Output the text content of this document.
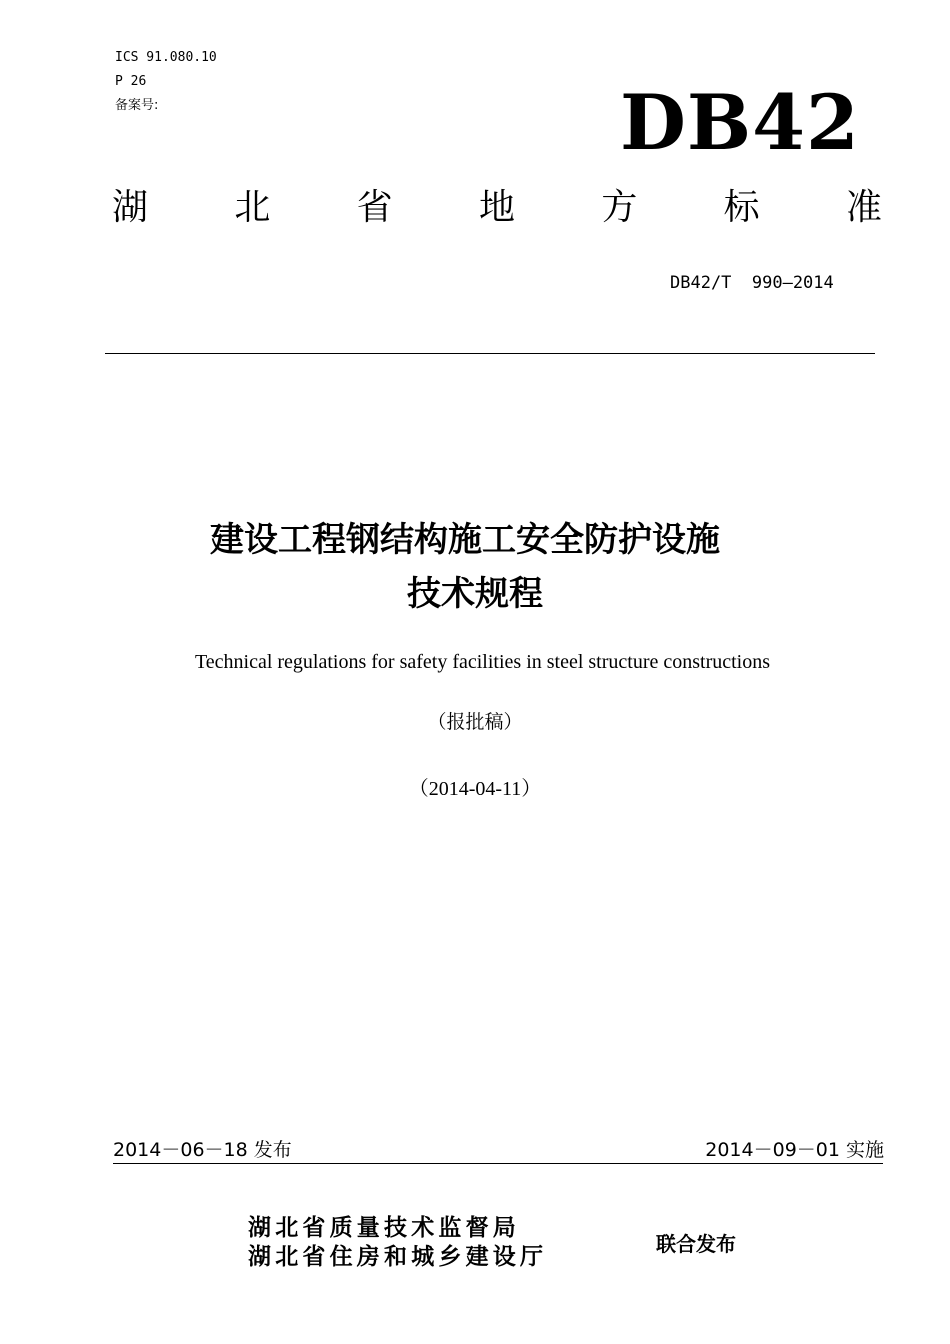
ICS 91.080.10
P 26
备案号:	DB42
湖 北 省 地 方 标 准
DB42/T  990—2014
建设工程钢结构施工安全防护设施
技术规程
Technical regulations for safety facilities in steel structure constructions
（报批稿）
（2014-04-11）
2014－06－18 发布	2014－09－01 实施
湖北省质量技术监督局
湖北省住房和城乡建设厅	联合发布
